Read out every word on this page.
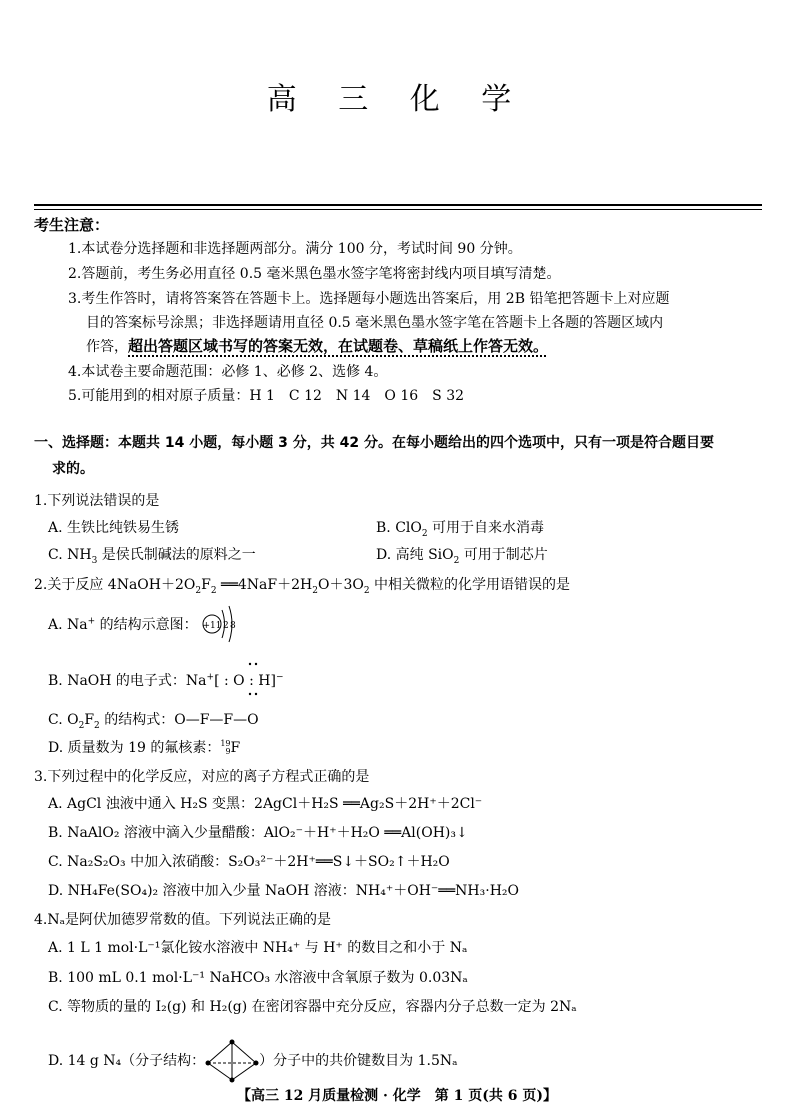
高 三 化 学
考生注意：
1.本试卷分选择题和非选择题两部分。满分 100 分，考试时间 90 分钟。
2.答题前，考生务必用直径 0.5 毫米黑色墨水签字笔将密封线内项目填写清楚。
3.考生作答时，请将答案答在答题卡上。选择题每小题选出答案后，用 2B 铅笔把答题卡上对应题
目的答案标号涂黑；非选择题请用直径 0.5 毫米黑色墨水签字笔在答题卡上各题的答题区域内
作答，超出答题区域书写的答案无效，在试题卷、草稿纸上作答无效。
4.本试卷主要命题范围：必修 1、必修 2、选修 4。
5.可能用到的相对原子质量：H 1　C 12　N 14　O 16　S 32
一、选择题：本题共 14 小题，每小题 3 分，共 42 分。在每小题给出的四个选项中，只有一项是符合题目要
求的。
1.下列说法错误的是
A. 生铁比纯铁易生锈	B. ClO$_2$ 可用于自来水消毒
C. $NH_3$ 是侯氏制碱法的原料之一	D. 高纯 SiO$_2$ 可用于制芯片
2.关于反应 $4NaOH+2O_2F_2$ $══4NaF+2H_2O+3O_2$ 中相关微粒的化学用语错误的是
A. Na+ 的结构示意图： +11 2 8
B. NaOH 的电子式：Na+[ : O : H]−
C. $O_2F_2$ 的结构式：O—F—F—O
D. 质量数为 19 的氟核素：19
9F
3.下列过程中的化学反应，对应的离子方程式正确的是
A. AgCl 浊液中通入 H₂S 变黑：2AgCl＋H₂S ══Ag₂S＋2H⁺＋2Cl⁻
B. NaAlO₂ 溶液中滴入少量醋酸：AlO₂⁻＋H⁺＋H₂O ══Al(OH)₃↓
C. Na₂S₂O₃ 中加入浓硝酸：S₂O₃²⁻＋2H⁺══S↓＋SO₂↑＋H₂O
D. NH₄Fe(SO₄)₂ 溶液中加入少量 NaOH 溶液：NH₄⁺＋OH⁻══NH₃·H₂O
4.Nₐ是阿伏加德罗常数的值。下列说法正确的是
A. 1 L 1 mol·L⁻¹氯化铵水溶液中 NH₄⁺ 与 H⁺ 的数目之和小于 Nₐ
B. 100 mL 0.1 mol·L⁻¹ NaHCO₃ 水溶液中含氧原子数为 0.03Nₐ
C. 等物质的量的 I₂(g) 和 H₂(g) 在密闭容器中充分反应，容器内分子总数一定为 2Nₐ
D. 14 g N₄（分子结构：	）分子中的共价键数目为 1.5Nₐ
【高三 12 月质量检测 · 化学　第 1 页(共 6 页)】
